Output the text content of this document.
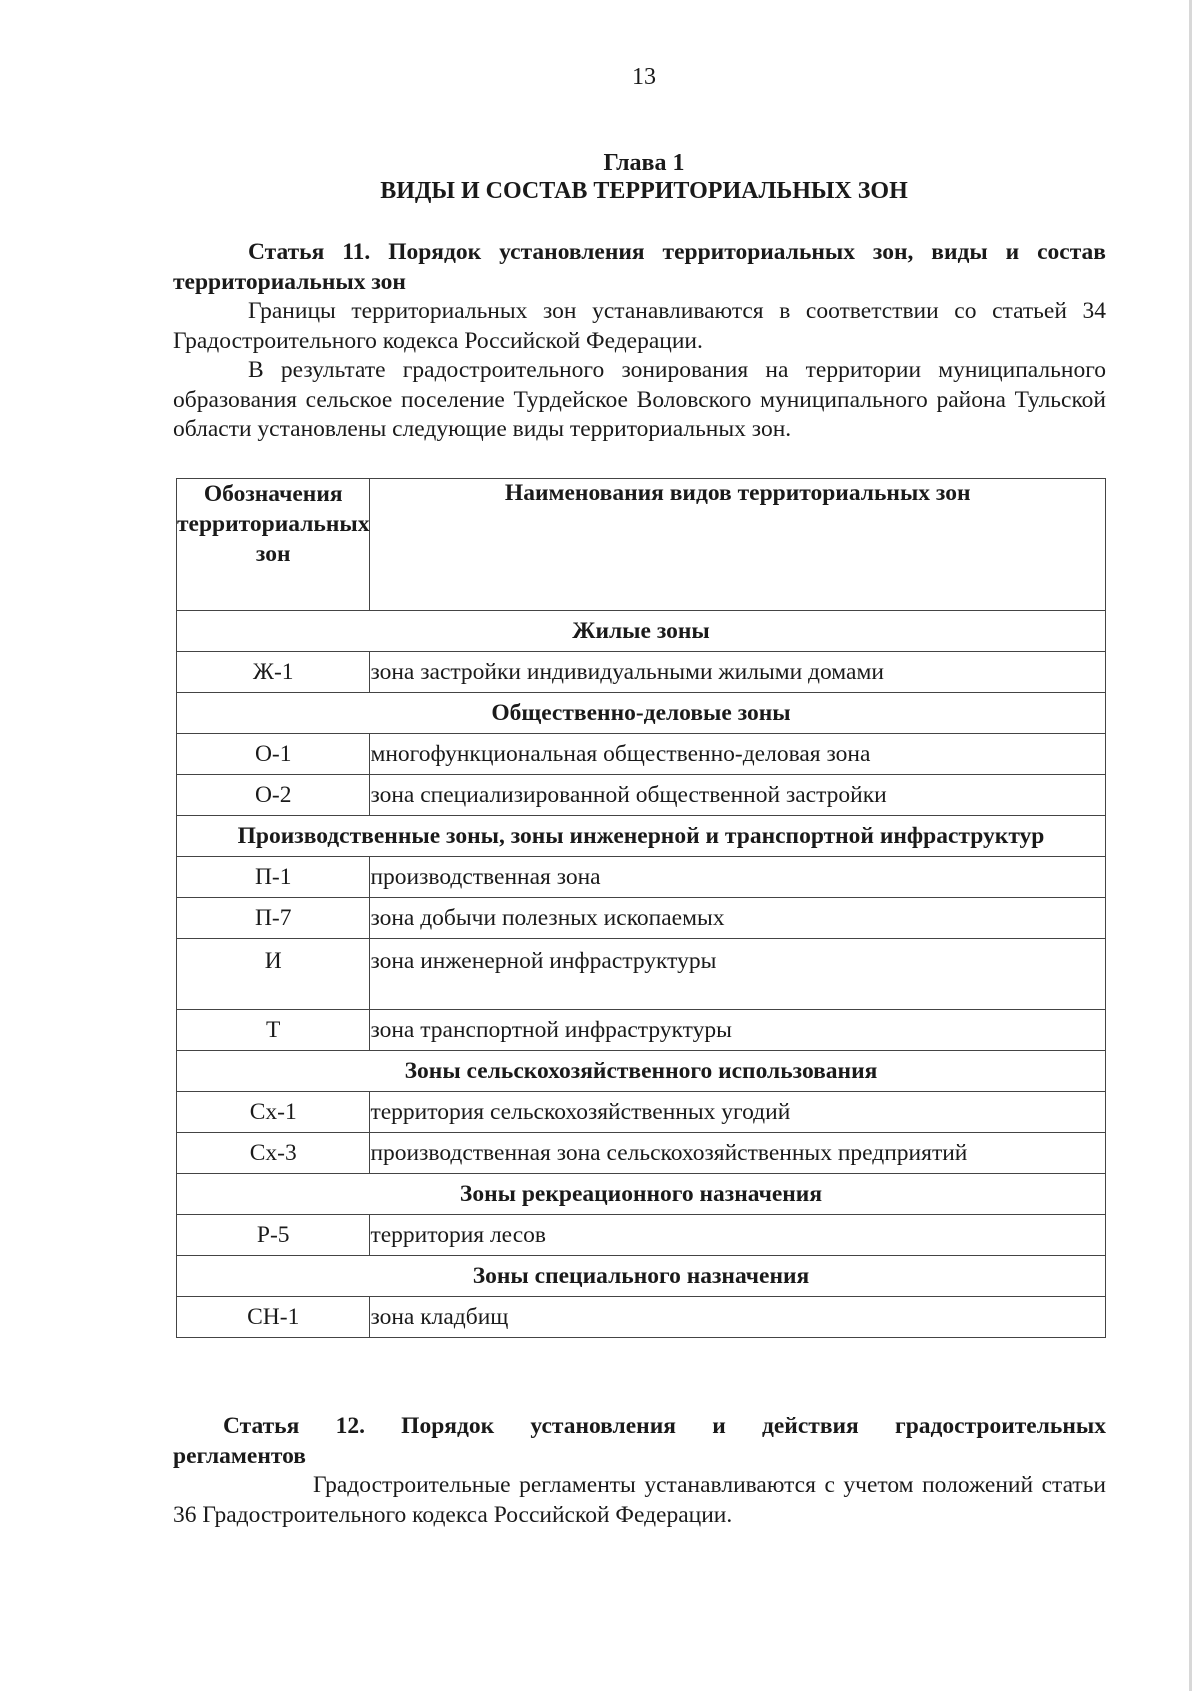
13
Глава 1
ВИДЫ И СОСТАВ ТЕРРИТОРИАЛЬНЫХ ЗОН
Статья 11. Порядок установления территориальных зон, виды и состав территориальных зон
Границы территориальных зон устанавливаются в соответствии со статьей 34 Градостроительного кодекса Российской Федерации.
В результате градостроительного зонирования на территории муниципального образования сельское поселение Турдейское Воловского муниципального района Тульской области установлены следующие виды территориальных зон.
Обозначения территориальных зон	Наименования видов территориальных зон
Жилые зоны	
Ж-1	зона застройки индивидуальными жилыми домами
Общественно-деловые зоны	
О-1	многофункциональная общественно-деловая зона
О-2	зона специализированной общественной застройки
Производственные зоны, зоны инженерной и транспортной инфраструктур	
П-1	производственная зона
П-7	зона добычи полезных ископаемых
И	зона инженерной инфраструктуры
Т	зона транспортной инфраструктуры
Зоны сельскохозяйственного использования	
Сх-1	территория сельскохозяйственных угодий
Сх-3	производственная зона сельскохозяйственных предприятий
Зоны рекреационного назначения	
Р-5	территория лесов
Зоны специального назначения	
СН-1	зона кладбищ
Статья 12. Порядок установления и действия градостроительных
регламентов
Градостроительные регламенты устанавливаются с учетом положений статьи 36 Градостроительного кодекса Российской Федерации.
